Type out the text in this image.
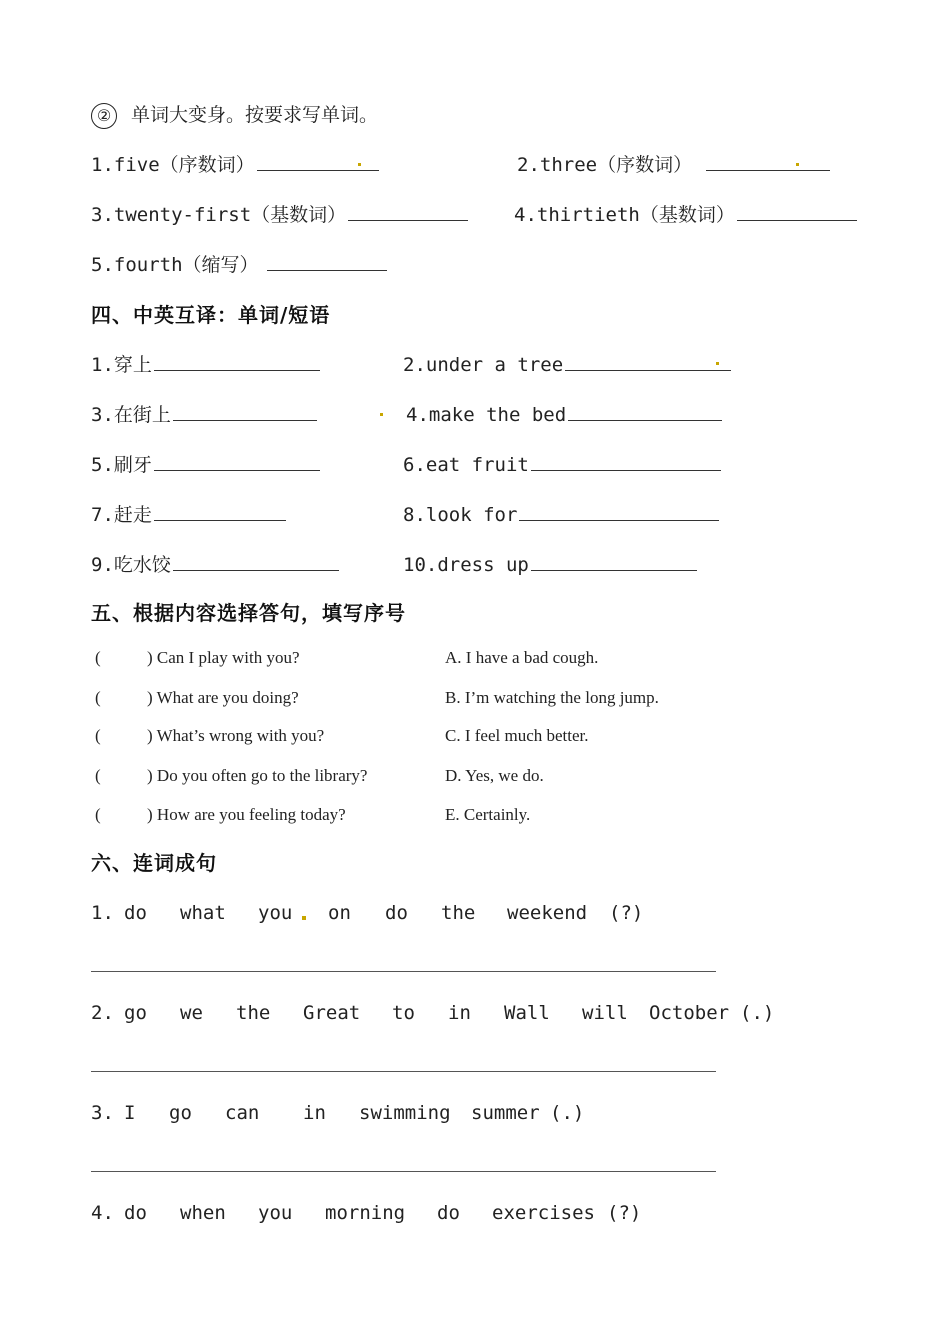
② 单词大变身。按要求写单词。
1.five（序数词）	2.three（序数词）
3.twenty-first（基数词）	4.thirtieth（基数词）
5.fourth（缩写）
四、中英互译：单词/短语
1.穿上	2.under a tree
3.在街上	4.make the bed
5.刷牙	6.eat fruit
7.赶走	8.look for
9.吃水饺	10.dress up
五、根据内容选择答句，填写序号
(	) Can I play with you?	A. I have a bad cough.
(	) What are you doing?	B. I’m watching the long jump.
(	) What’s wrong with you?	C. I feel much better.
(	) Do you often go to the library?	D. Yes, we do.
(	) How are you feeling today?	E. Certainly.
六、连词成句
1. do what you on do the weekend (?)
2. go we the Great to in Wall will October (.)
3. I go can in swimming summer (.)
4. do when you morning do exercises (?)
